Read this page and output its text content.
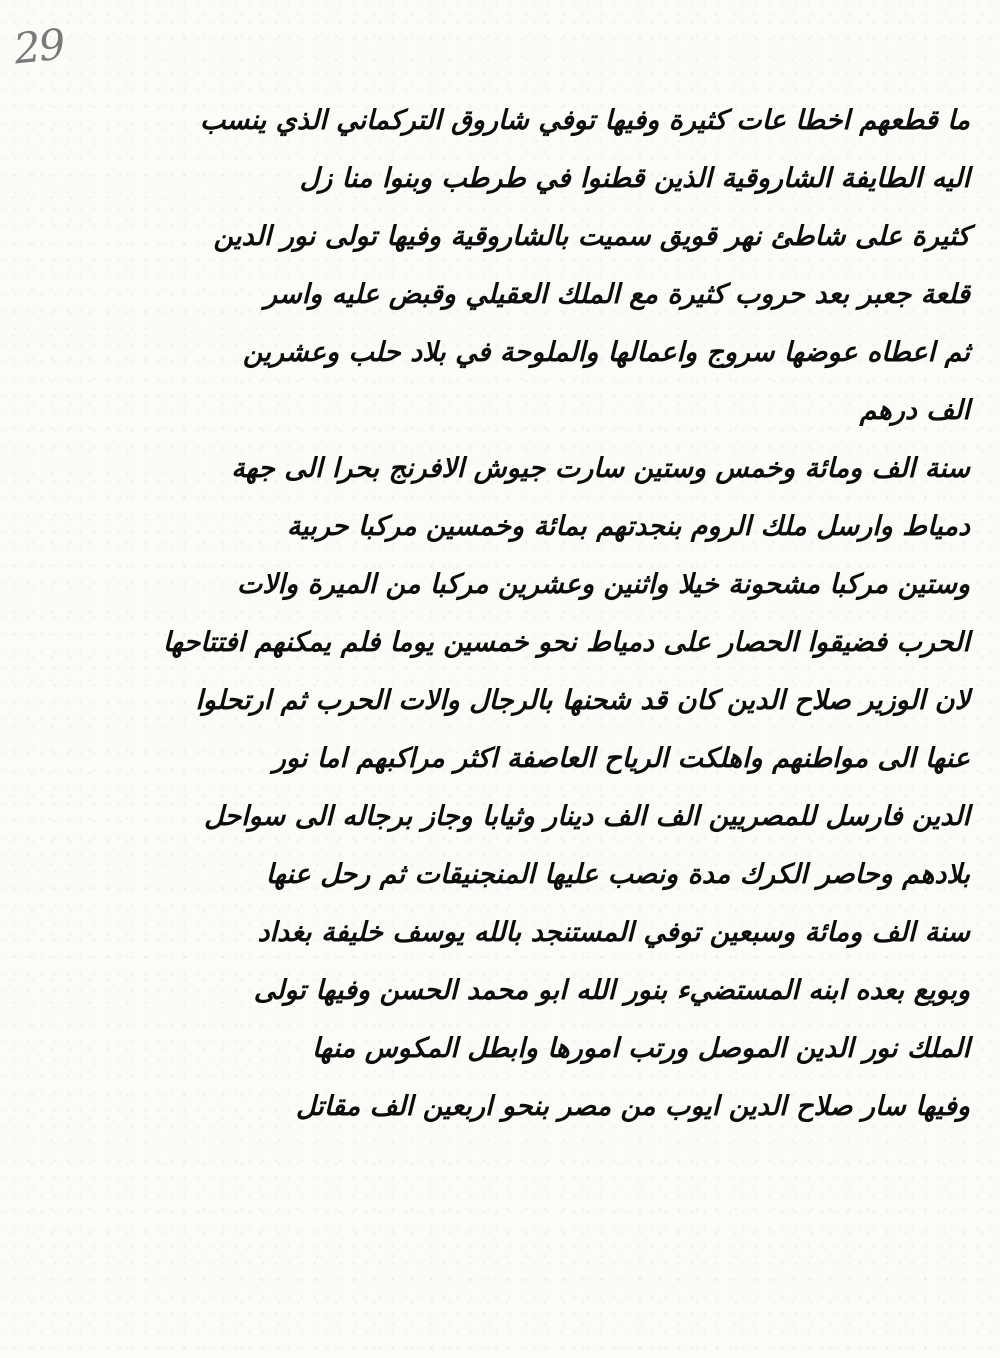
29
ما قطعهم اخطا عات كثيرة وفيها توفي شاروق التركماني الذي ينسب
اليه الطايفة الشاروقية الذين قطنوا في طرطب وبنوا منا زل
كثيرة على شاطئ نهر قويق سميت بالشاروقية وفيها تولى نور الدين
قلعة جعبر بعد حروب كثيرة مع الملك العقيلي وقبض عليه واسر
ثم اعطاه عوضها سروج واعمالها والملوحة في بلاد حلب وعشرين
الف درهم
سنة الف ومائة وخمس وستين سارت جيوش الافرنج بحرا الى جهة
دمياط وارسل ملك الروم بنجدتهم بمائة وخمسين مركبا حربية
وستين مركبا مشحونة خيلا واثنين وعشرين مركبا من الميرة والات
الحرب فضيقوا الحصار على دمياط نحو خمسين يوما فلم يمكنهم افتتاحها
لان الوزير صلاح الدين كان قد شحنها بالرجال والات الحرب ثم ارتحلوا
عنها الى مواطنهم واهلكت الرياح العاصفة اكثر مراكبهم اما نور
الدين فارسل للمصريين الف الف دينار وثيابا وجاز برجاله الى سواحل
بلادهم وحاصر الكرك مدة ونصب عليها المنجنيقات ثم رحل عنها
سنة الف ومائة وسبعين توفي المستنجد بالله يوسف خليفة بغداد
وبويع بعده ابنه المستضيء بنور الله ابو محمد الحسن وفيها تولى
الملك نور الدين الموصل ورتب امورها وابطل المكوس منها
وفيها سار صلاح الدين ايوب من مصر بنحو اربعين الف مقاتل
